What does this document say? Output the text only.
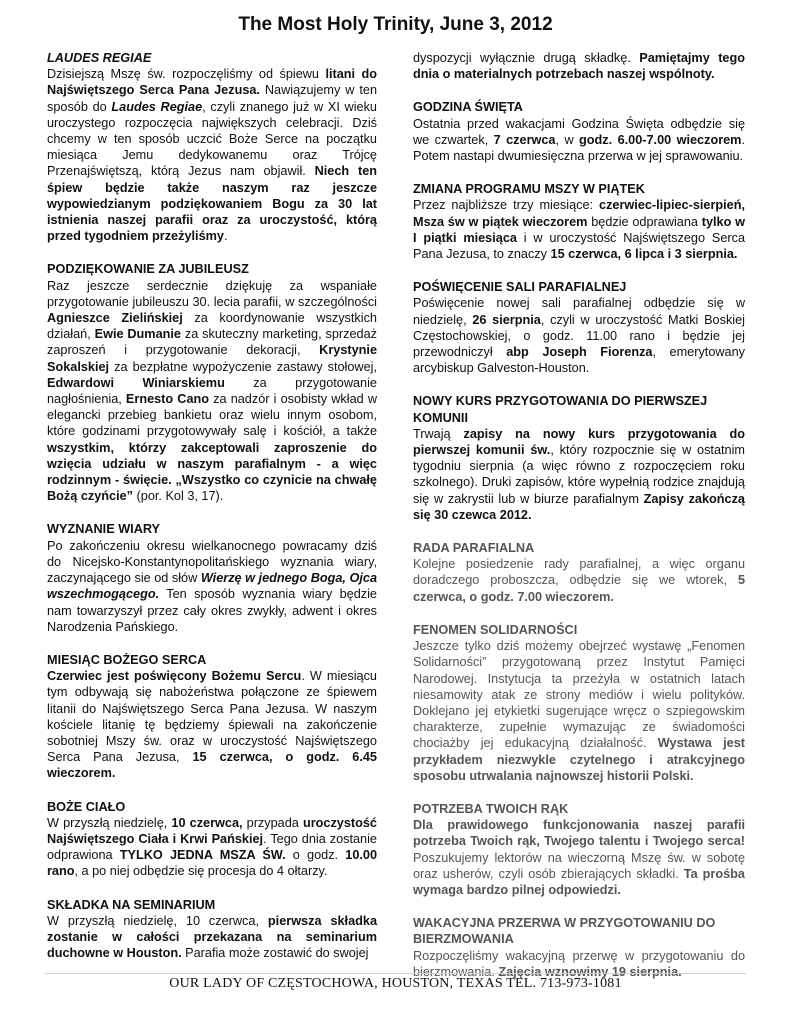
The Most Holy Trinity, June 3, 2012
LAUDES REGIAE

Dzisiejszą Mszę św. rozpoczęliśmy od śpiewu litani do Najświętszego Serca Pana Jezusa. Nawiązujemy w ten sposób do Laudes Regiae, czyli znanego już w XI wieku uroczystego rozpoczęcia największych celebracji. Dziś chcemy w ten sposób uczcić Boże Serce na początku miesiąca Jemu dedykowanemu oraz Trójcę Przenajświętszą, którą Jezus nam objawił. Niech ten śpiew będzie także naszym raz jeszcze wypowiedzianym podziękowaniem Bogu za 30 lat istnienia naszej parafii oraz za uroczystość, którą przed tygodniem przeżyliśmy.

PODZIĘKOWANIE ZA JUBILEUSZ

Raz jeszcze serdecznie dziękuję za wspaniałe przygotowanie jubileuszu 30. lecia parafii, w szczególności Agnieszce Zielińskiej za koordynowanie wszystkich działań, Ewie Dumanie za skuteczny marketing, sprzedaż zaproszeń i przygotowanie dekoracji, Krystynie Sokalskiej za bezpłatne wypożyczenie zastawy stołowej, Edwardowi Winiarskiemu za przygotowanie nagłośnienia, Ernesto Cano za nadzór i osobisty wkład w elegancki przebieg bankietu oraz wielu innym osobom, które godzinami przygotowywały salę i kościół, a także wszystkim, którzy zakceptowali zaproszenie do wzięcia udziału w naszym parafialnym - a więc rodzinnym - święcie. „Wszystko co czynicie na chwałę Bożą czyńcie” (por. Kol 3, 17).

WYZNANIE WIARY

Po zakończeniu okresu wielkanocnego powracamy dziś do Nicejsko-Konstantynopolitańskiego wyznania wiary, zaczynającego sie od słów Wierzę w jednego Boga, Ojca wszechmogącego. Ten sposób wyznania wiary będzie nam towarzyszył przez cały okres zwykły, adwent i okres Narodzenia Pańskiego.

MIESIĄC BOŻEGO SERCA

Czerwiec jest poświęcony Bożemu Sercu. W miesiącu tym odbywają się nabożeństwa połączone ze śpiewem litanii do Najświętszego Serca Pana Jezusa. W naszym kościele litanię tę będziemy śpiewali na zakończenie sobotniej Mszy św. oraz w uroczystość Najświętszego Serca Pana Jezusa, 15 czerwca, o godz. 6.45 wieczorem.

BOŻE CIAŁO

W przyszłą niedzielę, 10 czerwca, przypada uroczystość Najświętszego Ciała i Krwi Pańskiej. Tego dnia zostanie odprawiona TYLKO JEDNA MSZA ŚW. o godz. 10.00 rano, a po niej odbędzie się procesja do 4 ołtarzy.

SKŁADKA NA SEMINARIUM

W przyszłą niedzielę, 10 czerwca, pierwsza składka zostanie w całości przekazana na seminarium duchowne w Houston. Parafia może zostawić do swojej

dyspozycji wyłącznie drugą składkę. Pamiętajmy tego dnia o materialnych potrzebach naszej wspólnoty.

GODZINA ŚWIĘTA

Ostatnia przed wakacjami Godzina Święta odbędzie się we czwartek, 7 czerwca, w godz. 6.00-7.00 wieczorem. Potem nastapi dwumiesięczna przerwa w jej sprawowaniu.

ZMIANA PROGRAMU MSZY W PIĄTEK

Przez najbliższe trzy miesiące: czerwiec-lipiec-sierpień, Msza św w piątek wieczorem będzie odprawiana tylko w I piątki miesiąca i w uroczystość Najświętszego Serca Pana Jezusa, to znaczy 15 czerwca, 6 lipca i 3 sierpnia.

POŚWIĘCENIE SALI PARAFIALNEJ

Poświęcenie nowej sali parafialnej odbędzie się w niedzielę, 26 sierpnia, czyli w uroczystość Matki Boskiej Częstochowskiej, o godz. 11.00 rano i będzie jej przewodniczył abp Joseph Fiorenza, emerytowany arcybiskup Galveston-Houston.

NOWY KURS PRZYGOTOWANIA DO PIERWSZEJ KOMUNII

Trwają zapisy na nowy kurs przygotowania do pierwszej komunii św., który rozpocznie się w ostatnim tygodniu sierpnia (a więc równo z rozpoczęciem roku szkolnego). Druki zapisów, które wypełnią rodzice znajdują się w zakrystii lub w biurze parafialnym Zapisy zakończą się 30 czewca 2012.

RADA PARAFIALNA

Kolejne posiedzenie rady parafialnej, a więc organu doradczego proboszcza, odbędzie się we wtorek, 5 czerwca, o godz. 7.00 wieczorem.

FENOMEN SOLIDARNOŚCI

Jeszcze tylko dziś możemy obejrzeć wystawę „Fenomen Solidarności” przygotowaną przez Instytut Pamięci Narodowej. Instytucja ta przeżyła w ostatnich latach niesamowity atak ze strony mediów i wielu polityków. Doklejano jej etykietki sugerujące wręcz o szpiegowskim charakterze, zupełnie wymazując ze świadomości chociażby jej edukacyjną działalność. Wystawa jest przykładem niezwykle czytelnego i atrakcyjnego sposobu utrwalania najnowszej historii Polski.

POTRZEBA TWOICH RĄK

Dla prawidowego funkcjonowania naszej parafii potrzeba Twoich rąk, Twojego talentu i Twojego serca! Poszukujemy lektorów na wieczorną Mszę św. w sobotę oraz usherów, czyli osób zbierających składki. Ta prośba wymaga bardzo pilnej odpowiedzi.

WAKACYJNA PRZERWA W PRZYGOTOWANIU DO BIERZMOWANIA

Rozpoczęliśmy wakacyjną przerwę w przygotowaniu do bierzmowania. Zajęcia wznowimy 19 sierpnia.

OUR LADY OF CZĘSTOCHOWA, HOUSTON, TEXAS TEL. 713-973-1081
